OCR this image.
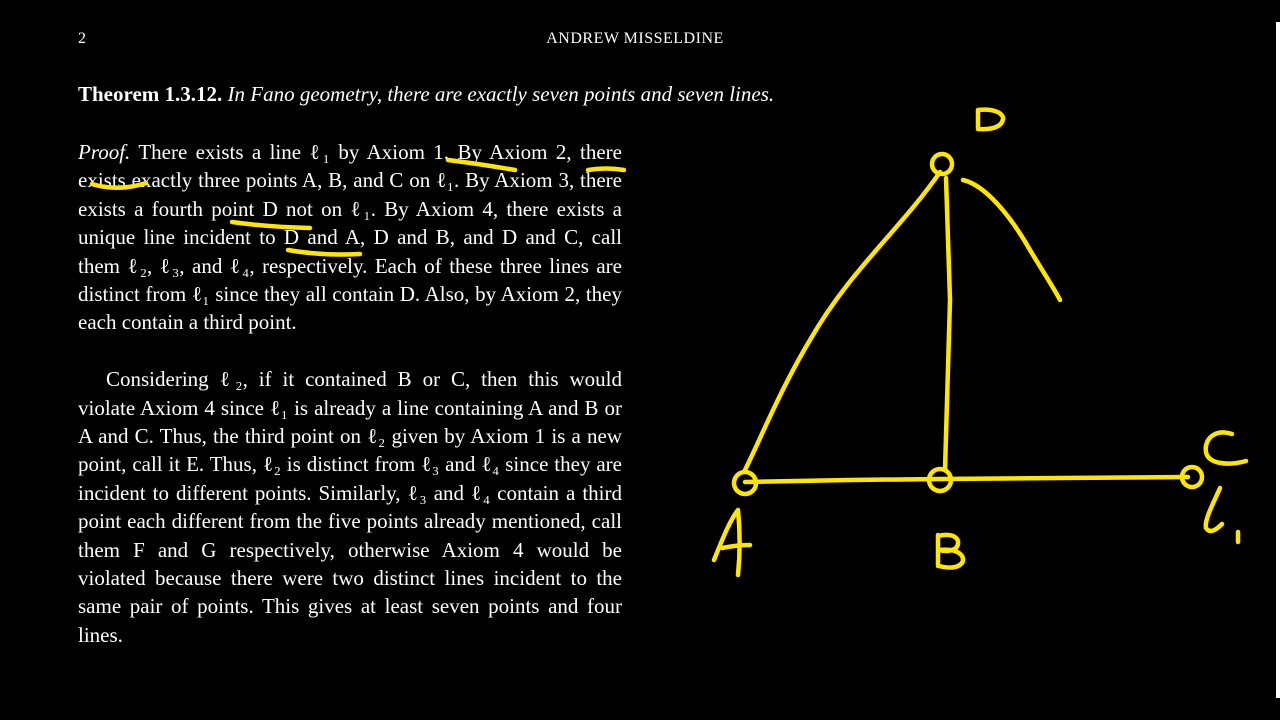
2	ANDREW MISSELDINE
Theorem 1.3.12. In Fano geometry, there are exactly seven points and seven lines.

Proof. There exists a line ℓ₁ by Axiom 1. By Axiom 2, there exists exactly three points A, B, and C on ℓ₁. By Axiom 3, there exists a fourth point D not on ℓ₁. By Axiom 4, there exists a unique line incident to D and A, D and B, and D and C, call them ℓ₂, ℓ₃, and ℓ₄, respectively. Each of these three lines are distinct from ℓ₁ since they all contain D. Also, by Axiom 2, they each contain a third point.

Considering ℓ₂, if it contained B or C, then this would violate Axiom 4 since ℓ₁ is already a line containing A and B or A and C. Thus, the third point on ℓ₂ given by Axiom 1 is a new point, call it E. Thus, ℓ₂ is distinct from ℓ₃ and ℓ₄ since they are incident to different points. Similarly, ℓ₃ and ℓ₄ contain a third point each different from the five points already mentioned, call them F and G respectively, otherwise Axiom 4 would be violated because there were two distinct lines incident to the same pair of points. This gives at least seven points and four lines.
